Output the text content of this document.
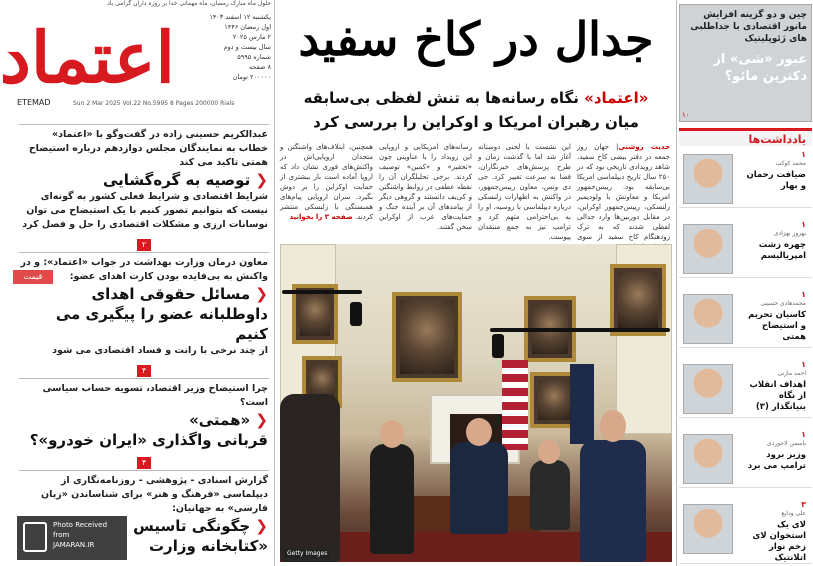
حلول ماه مبارک رمضان، ماه مهمانی خدا بر روزه داران گرامی باد
اعتماد	یکشنبه ۱۲ اسفند ۱۴۰۳
اول رمضان ۱۴۴۶
۲ مارس ۲۰۲۵
سال بیست و دوم
شماره ۵۹۹۵
۸ صفحه
۲۰۰۰۰۰ تومان
ETEMAD	Sun 2 Mar 2025 Vol.22 No.5995 8 Pages 200000 Rials
عبدالکریم حسینی زاده در گفت‌وگو با «اعتماد» خطاب به نمایندگان مجلس دوازدهم درباره استیضاح همتی تاکید می کند
❮ توصیه به گره‌گشایی
شرایط اقتصادی و شرایط فعلی کشور به گونه‌ای نیست که بتوانیم تصور کنیم با یک استیضاح می توان نوسانات ارزی و مشکلات اقتصادی را حل و فصل کرد
۲
قیمت
معاون درمان وزارت بهداشت در جواب «اعتماد»: و در واکنش به بی‌فایده بودن کارت اهدای عضو:
❮ مسائل حقوقی اهدای داوطلبانه عضو را پیگیری می کنیم
از چند نرخی با رانت و فساد اقتصادی می شود
۴
چرا استیضاح وزیر اقتصاد، تسویه حساب سیاسی است؟
❮ «همتی»
قربانی واگذاری «ایران خودرو»؟
۴
گزارش اسنادی - پژوهشی - روزنامه‌نگاری از دیپلماسی «فرهنگ و هنر» برای شناساندن «زبان فارسی» به جهانیان:
❮ چگونگی تاسیس
«کتابخانه وزارت
Photo Received
from
JAMARAN.IR
جدال در کاخ سفید
«اعتماد» نگاه رسانه‌ها به تنش لفظی بی‌سابقه میان رهبران امریکا و اوکراین را بررسی کرد
حدیث روشنی| جهان روز جمعه در دفتر بیضی کاخ سفید، شاهد رویدادی تاریخی بود که در ۲۵۰ سال تاریخ دیپلماسی امریکا بی‌سابقه بود. رییس‌جمهور امریکا و معاونش با ولودیمیر زلنسکی، رییس‌جمهور اوکراین، در مقابل دوربین‌ها وارد جدالی لفظی شدند که به ترک زودهنگام کاخ سفید از سوی
این نشست با لحنی دوستانه آغاز شد اما با گذشت زمان و طرح پرسش‌های خبرنگاران، فضا به سرعت تغییر کرد. جی دی ونس، معاون رییس‌جمهور، در واکنش به اظهارات زلنسکی درباره دیپلماسی با روسیه، او را به بی‌احترامی متهم کرد و ترامپ نیز به جمع منتقدان پیوست.
رسانه‌های امریکایی و اروپایی این رویداد را با عناوینی چون «تحقیر» و «کمین» توصیف کردند. برخی تحلیلگران آن را نقطه عطفی در روابط واشنگتن و کی‌یف دانستند و گروهی دیگر از پیامدهای آن بر آینده جنگ و حمایت‌های غرب از اوکراین سخن گفتند.
همچنین، ایتلاف‌های واشنگتن و متحدان اروپایی‌اش در واکنش‌های فوری نشان داد که اروپا آماده است بار بیشتری از حمایت اوکراین را بر دوش بگیرد. سران اروپایی پیام‌های همبستگی با زلنسکی منتشر کردند. صفحه ۳ را بخوانید
Getty Images
چین و دو گزینه افزایش مانور اقتصادی با جداطلبی های ژئوپلیتیک
عبور «شی» از دکترین مائو؟
۱۰
یادداشت‌ها
۱
محمد کوکب
ضیافت رحمان و بهار
۱
بهروز بهزادی
چهره زشت امپریالیسم
۱
محمدهادی حسینی
کاسیان تحریم و استیضاح همتی
۱
احمد مازنی
اهداف انقلاب از نگاه بنیانگذار (۳)
۱
یاسمن لاجوردی
وزیر برود ترامپ می برد
۳
علی ودایع
لای یک استخوان لای زخم نوار اتلانتیک
